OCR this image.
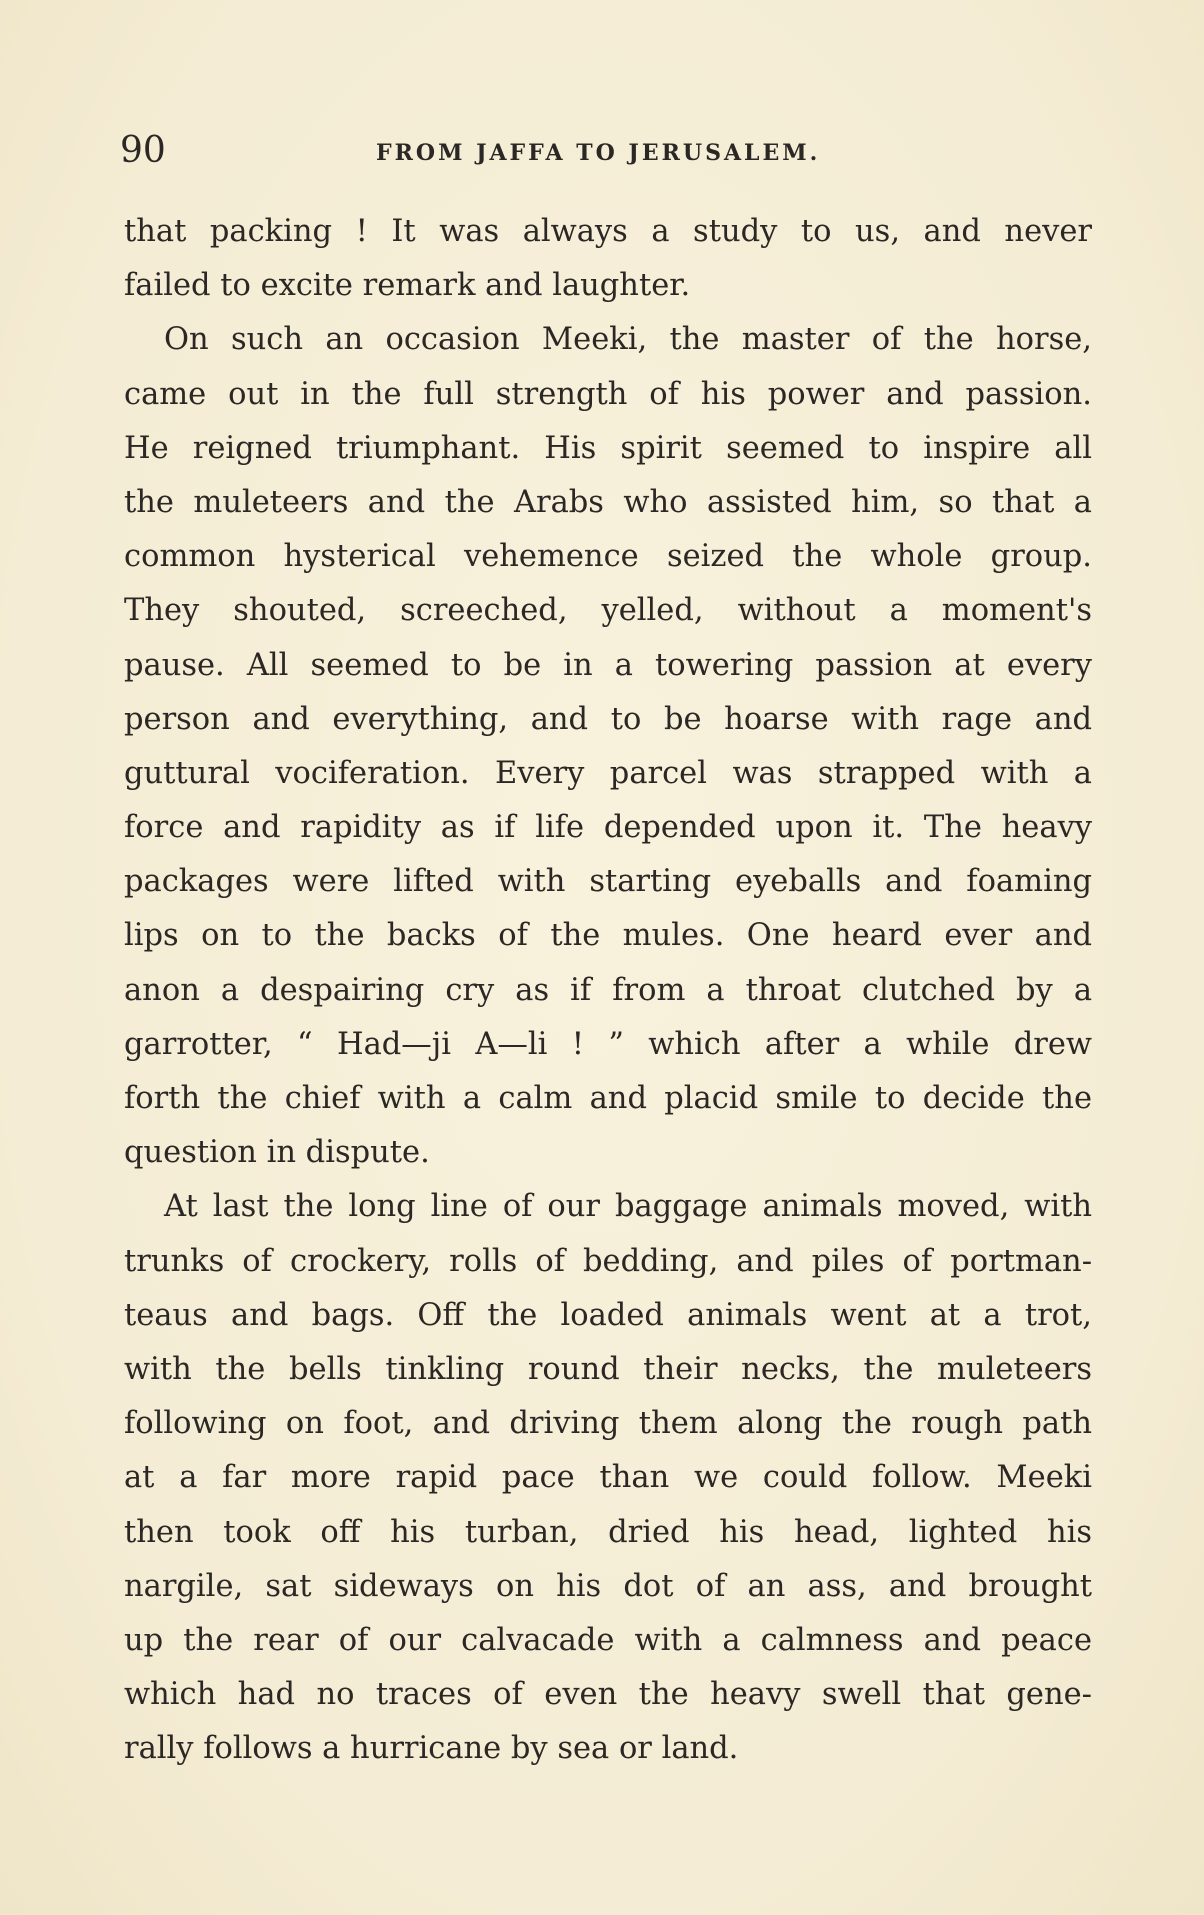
90	FROM JAFFA TO JERUSALEM.
that packing ! It was always a study to us, and never
failed to excite remark and laughter.
On such an occasion Meeki, the master of the horse,
came out in the full strength of his power and passion.
He reigned triumphant. His spirit seemed to inspire all
the muleteers and the Arabs who assisted him, so that a
common hysterical vehemence seized the whole group.
They shouted, screeched, yelled, without a moment's
pause. All seemed to be in a towering passion at every
person and everything, and to be hoarse with rage and
guttural vociferation. Every parcel was strapped with a
force and rapidity as if life depended upon it. The heavy
packages were lifted with starting eyeballs and foaming
lips on to the backs of the mules. One heard ever and
anon a despairing cry as if from a throat clutched by a
garrotter, “ Had—ji A—li ! ” which after a while drew
forth the chief with a calm and placid smile to decide the
question in dispute.
At last the long line of our baggage animals moved, with
trunks of crockery, rolls of bedding, and piles of portman-
teaus and bags. Off the loaded animals went at a trot,
with the bells tinkling round their necks, the muleteers
following on foot, and driving them along the rough path
at a far more rapid pace than we could follow. Meeki
then took off his turban, dried his head, lighted his
nargile, sat sideways on his dot of an ass, and brought
up the rear of our calvacade with a calmness and peace
which had no traces of even the heavy swell that gene-
rally follows a hurricane by sea or land.
